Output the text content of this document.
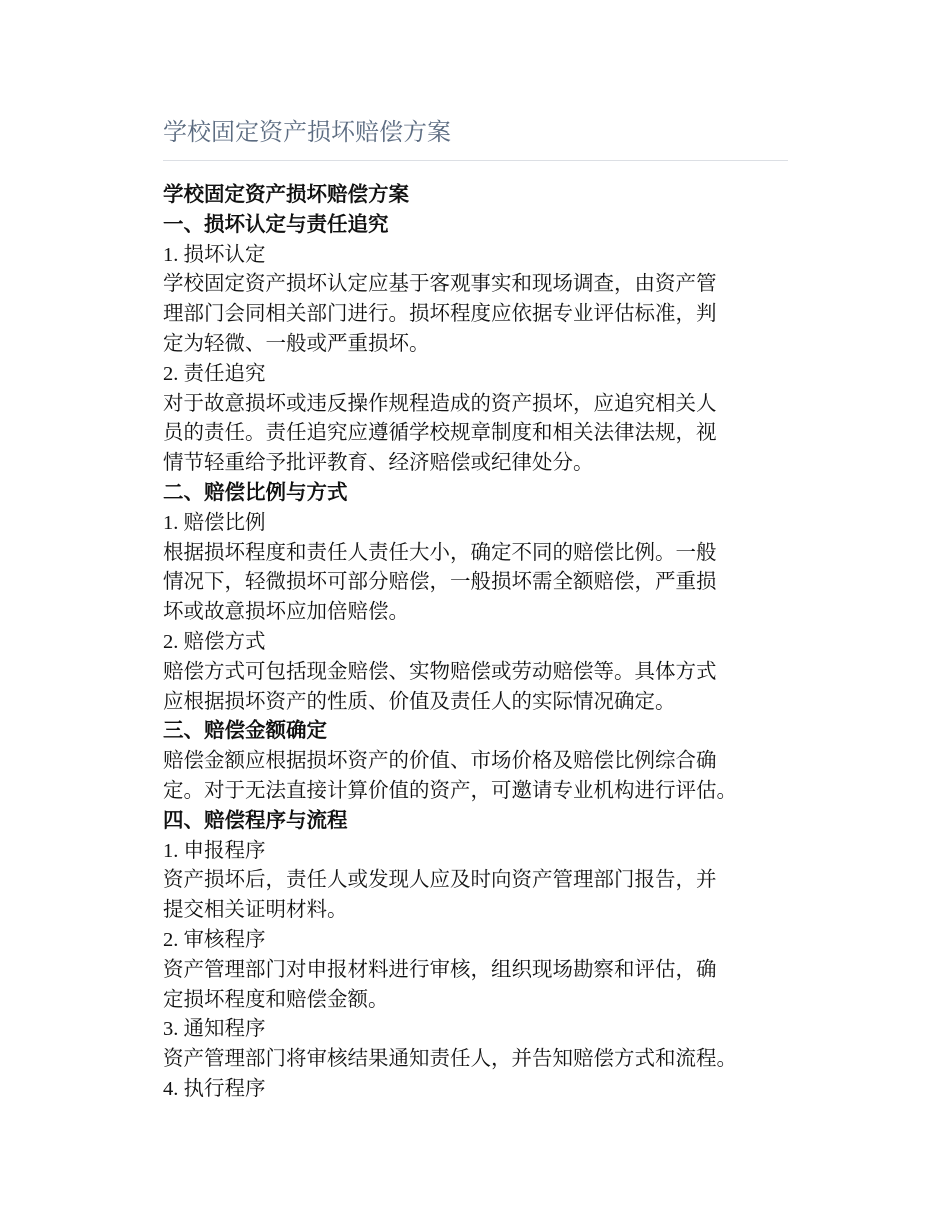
学校固定资产损坏赔偿方案
学校固定资产损坏赔偿方案
一、损坏认定与责任追究
1. 损坏认定
学校固定资产损坏认定应基于客观事实和现场调查，由资产管
理部门会同相关部门进行。损坏程度应依据专业评估标准，判
定为轻微、一般或严重损坏。
2. 责任追究
对于故意损坏或违反操作规程造成的资产损坏，应追究相关人
员的责任。责任追究应遵循学校规章制度和相关法律法规，视
情节轻重给予批评教育、经济赔偿或纪律处分。
二、赔偿比例与方式
1. 赔偿比例
根据损坏程度和责任人责任大小，确定不同的赔偿比例。一般
情况下，轻微损坏可部分赔偿，一般损坏需全额赔偿，严重损
坏或故意损坏应加倍赔偿。
2. 赔偿方式
赔偿方式可包括现金赔偿、实物赔偿或劳动赔偿等。具体方式
应根据损坏资产的性质、价值及责任人的实际情况确定。
三、赔偿金额确定
赔偿金额应根据损坏资产的价值、市场价格及赔偿比例综合确
定。对于无法直接计算价值的资产，可邀请专业机构进行评估。
四、赔偿程序与流程
1. 申报程序
资产损坏后，责任人或发现人应及时向资产管理部门报告，并
提交相关证明材料。
2. 审核程序
资产管理部门对申报材料进行审核，组织现场勘察和评估，确
定损坏程度和赔偿金额。
3. 通知程序
资产管理部门将审核结果通知责任人，并告知赔偿方式和流程。
4. 执行程序
